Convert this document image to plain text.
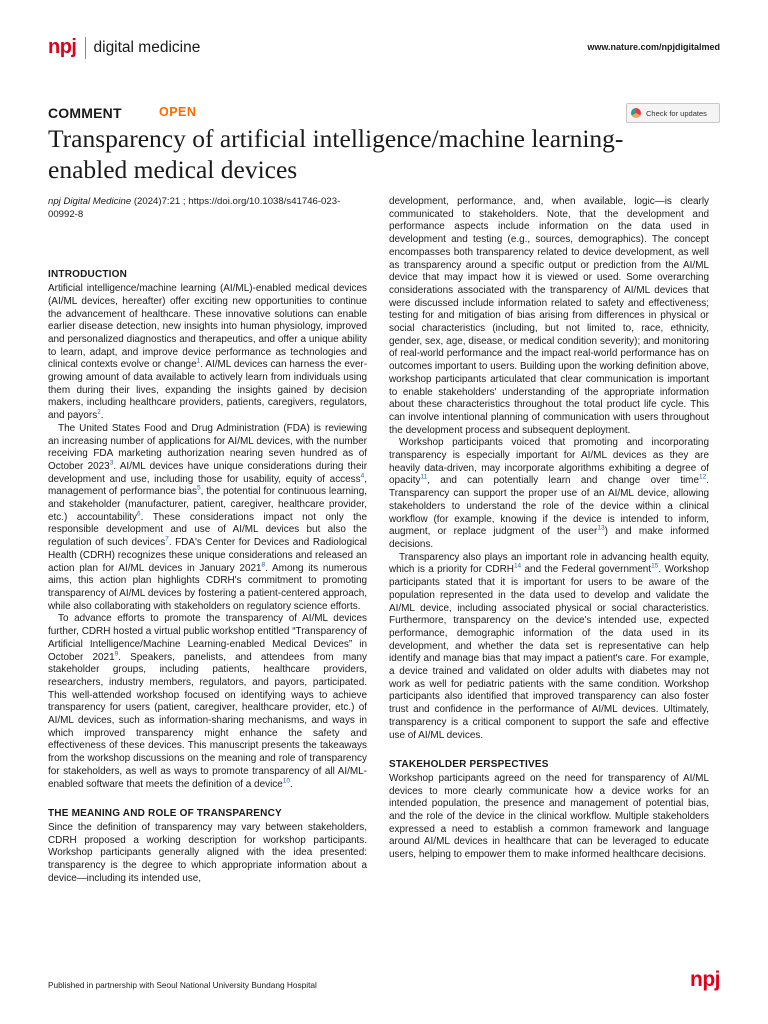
npj digital medicine	www.nature.com/npjdigitalmed
COMMENT	OPEN	Check for updates
Transparency of artificial intelligence/machine learning-enabled medical devices
npj Digital Medicine (2024)7:21 ; https://doi.org/10.1038/s41746-023-00992-8
INTRODUCTION

Artificial intelligence/machine learning (AI/ML)-enabled medical devices (AI/ML devices, hereafter) offer exciting new opportunities to continue the advancement of healthcare. These innovative solutions can enable earlier disease detection, new insights into human physiology, improved and personalized diagnostics and therapeutics, and offer a unique ability to learn, adapt, and improve device performance as technologies and clinical contexts evolve or change$^1$. AI/ML devices can harness the ever-growing amount of data available to actively learn from individuals using them during their lives, expanding the insights gained by decision makers, including healthcare providers, patients, caregivers, regulators, and payors$^2$.

The United States Food and Drug Administration (FDA) is reviewing an increasing number of applications for AI/ML devices, with the number receiving FDA marketing authorization nearing seven hundred as of October 2023$^3$. AI/ML devices have unique considerations during their development and use, including those for usability, equity of access$^4$, management of performance bias$^5$, the potential for continuous learning, and stakeholder (manufacturer, patient, caregiver, healthcare provider, etc.) accountability$^6$. These considerations impact not only the responsible development and use of AI/ML devices but also the regulation of such devices$^7$. FDA's Center for Devices and Radiological Health (CDRH) recognizes these unique considerations and released an action plan for AI/ML devices in January 2021$^8$. Among its numerous aims, this action plan highlights CDRH's commitment to promoting transparency of AI/ML devices by fostering a patient-centered approach, while also collaborating with stakeholders on regulatory science efforts.

To advance efforts to promote the transparency of AI/ML devices further, CDRH hosted a virtual public workshop entitled “Transparency of Artificial Intelligence/Machine Learning-enabled Medical Devices” in October 2021$^9$. Speakers, panelists, and attendees from many stakeholder groups, including patients, healthcare providers, researchers, industry members, regulators, and payors, participated. This well-attended workshop focused on identifying ways to achieve transparency for users (patient, caregiver, healthcare provider, etc.) of AI/ML devices, such as information-sharing mechanisms, and ways in which improved transparency might enhance the safety and effectiveness of these devices. This manuscript presents the takeaways from the workshop discussions on the meaning and role of transparency for stakeholders, as well as ways to promote transparency of all AI/ML-enabled software that meets the definition of a device$^{10}$.

THE MEANING AND ROLE OF TRANSPARENCY

Since the definition of transparency may vary between stakeholders, CDRH proposed a working description for workshop participants. Workshop participants generally aligned with the idea presented: transparency is the degree to which appropriate information about a device—including its intended use,

development, performance, and, when available, logic—is clearly communicated to stakeholders. Note, that the development and performance aspects include information on the data used in development and testing (e.g., sources, demographics). The concept encompasses both transparency related to device development, as well as transparency around a specific output or prediction from the AI/ML device that may impact how it is viewed or used. Some overarching considerations associated with the transparency of AI/ML devices that were discussed include information related to safety and effectiveness; testing for and mitigation of bias arising from differences in physical or social characteristics (including, but not limited to, race, ethnicity, gender, sex, age, disease, or medical condition severity); and monitoring of real-world performance and the impact real-world performance has on outcomes important to users. Building upon the working definition above, workshop participants articulated that clear communication is important to enable stakeholders' understanding of the appropriate information about these characteristics throughout the total product life cycle. This can involve intentional planning of communication with users throughout the development process and subsequent deployment.

Workshop participants voiced that promoting and incorporating transparency is especially important for AI/ML devices as they are heavily data-driven, may incorporate algorithms exhibiting a degree of opacity$^{11}$, and can potentially learn and change over time$^{12}$. Transparency can support the proper use of an AI/ML device, allowing stakeholders to understand the role of the device within a clinical workflow (for example, knowing if the device is intended to inform, augment, or replace judgment of the user$^{13}$) and make informed decisions.

Transparency also plays an important role in advancing health equity, which is a priority for CDRH$^{14}$ and the Federal government$^{15}$. Workshop participants stated that it is important for users to be aware of the population represented in the data used to develop and validate the AI/ML device, including associated physical or social characteristics. Furthermore, transparency on the device's intended use, expected performance, demographic information of the data used in its development, and whether the data set is representative can help identify and manage bias that may impact a patient's care. For example, a device trained and validated on older adults with diabetes may not work as well for pediatric patients with the same condition. Workshop participants also identified that improved transparency can also foster trust and confidence in the performance of AI/ML devices. Ultimately, transparency is a critical component to support the safe and effective use of AI/ML devices.

STAKEHOLDER PERSPECTIVES

Workshop participants agreed on the need for transparency of AI/ML devices to more clearly communicate how a device works for an intended population, the presence and management of potential bias, and the role of the device in the clinical workflow. Multiple stakeholders expressed a need to establish a common framework and language around AI/ML devices in healthcare that can be leveraged to educate users, helping to empower them to make informed healthcare decisions.

Published in partnership with Seoul National University Bundang Hospital	npj
